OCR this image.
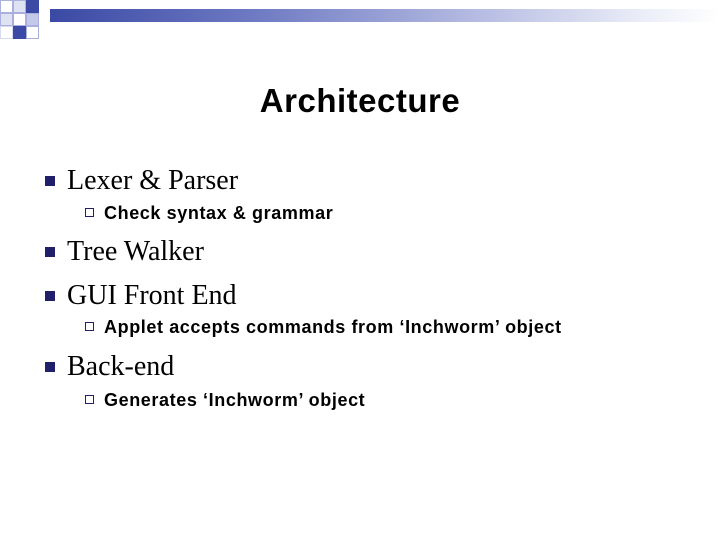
Architecture
Lexer & Parser
Check syntax & grammar
Tree Walker
GUI Front End
Applet accepts commands from ‘Inchworm’ object
Back-end
Generates ‘Inchworm’ object
